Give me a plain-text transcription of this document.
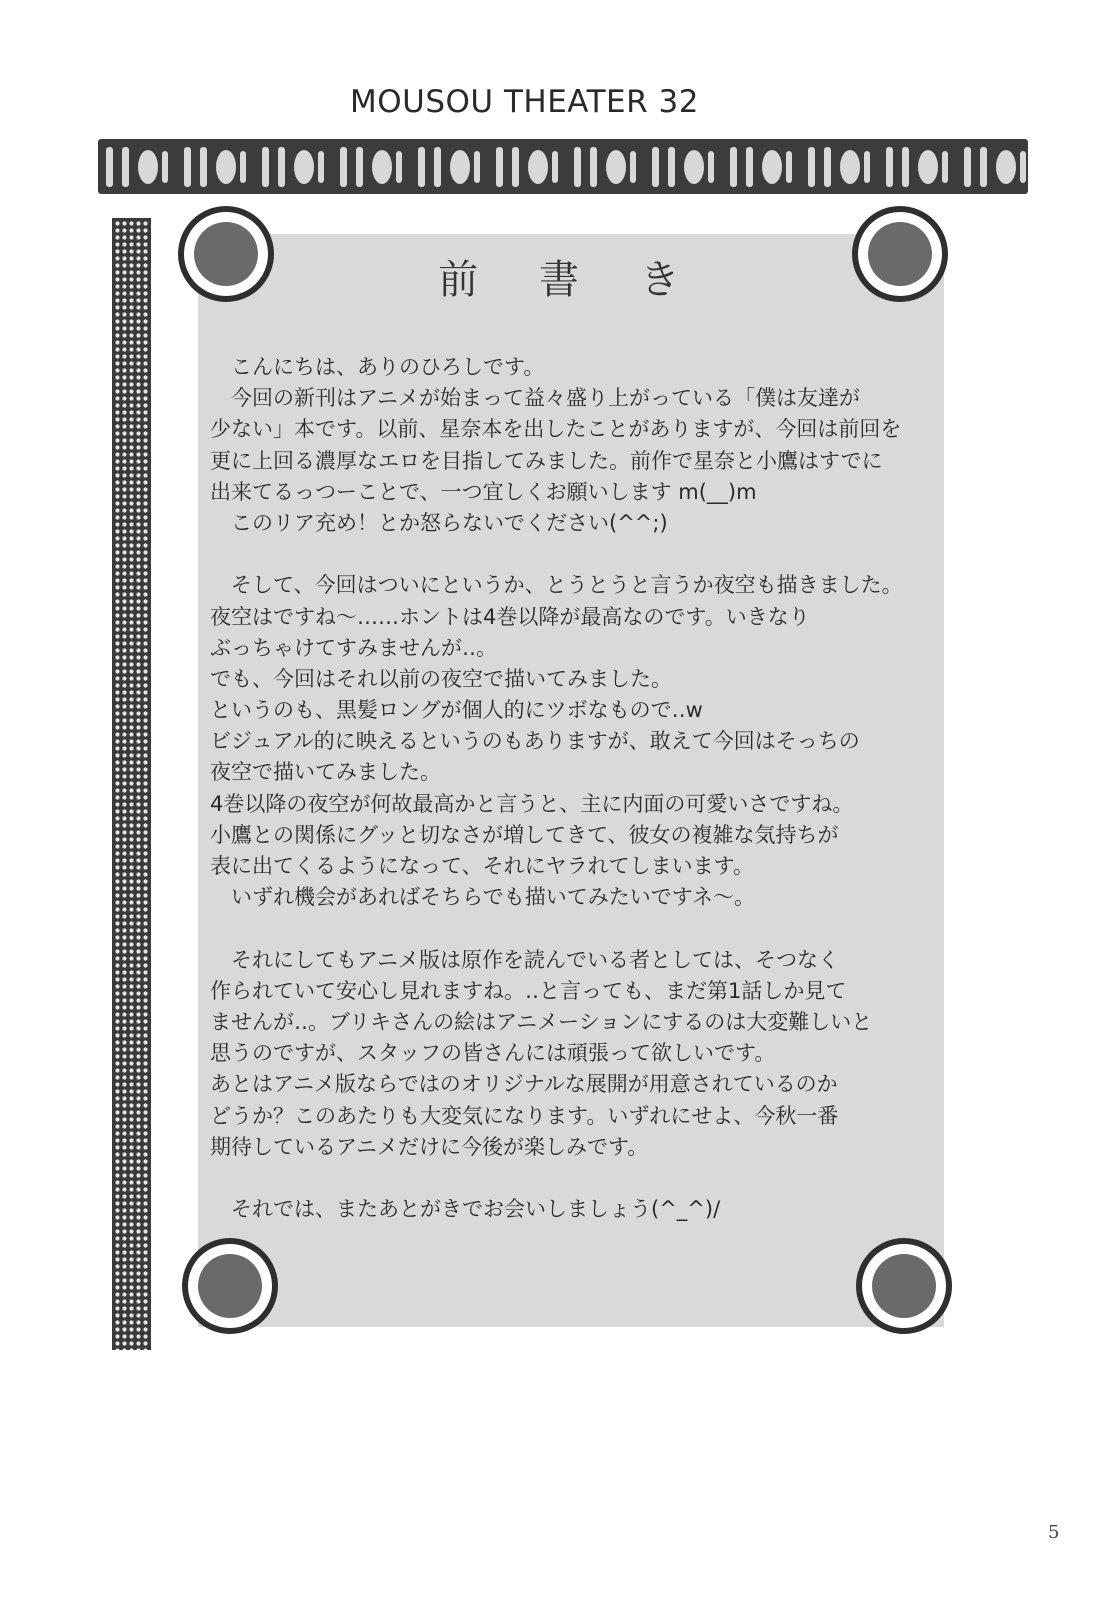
MOUSOU THEATER 32
前 書 き
　こんにちは、ありのひろしです。
　今回の新刊はアニメが始まって益々盛り上がっている「僕は友達が
少ない」本です。以前、星奈本を出したことがありますが、今回は前回を
更に上回る濃厚なエロを目指してみました。前作で星奈と小鷹はすでに
出来てるっつーことで、一つ宜しくお願いします m(__)m
　このリア充め！とか怒らないでください(^^;)
　そして、今回はついにというか、とうとうと言うか夜空も描きました。
夜空はですね～‥‥‥ホントは4巻以降が最高なのです。いきなり
ぶっちゃけてすみませんが‥。
でも、今回はそれ以前の夜空で描いてみました。
というのも、黒髪ロングが個人的にツボなもので‥w
ビジュアル的に映えるというのもありますが、敢えて今回はそっちの
夜空で描いてみました。
4巻以降の夜空が何故最高かと言うと、主に内面の可愛いさですね。
小鷹との関係にグッと切なさが増してきて、彼女の複雑な気持ちが
表に出てくるようになって、それにヤラれてしまいます。
　いずれ機会があればそちらでも描いてみたいですネ～。
　それにしてもアニメ版は原作を読んでいる者としては、そつなく
作られていて安心し見れますね。‥と言っても、まだ第1話しか見て
ませんが‥。ブリキさんの絵はアニメーションにするのは大変難しいと
思うのですが、スタッフの皆さんには頑張って欲しいです。
あとはアニメ版ならではのオリジナルな展開が用意されているのか
どうか？このあたりも大変気になります。いずれにせよ、今秋一番
期待しているアニメだけに今後が楽しみです。
　それでは、またあとがきでお会いしましょう(^_^)/
5
